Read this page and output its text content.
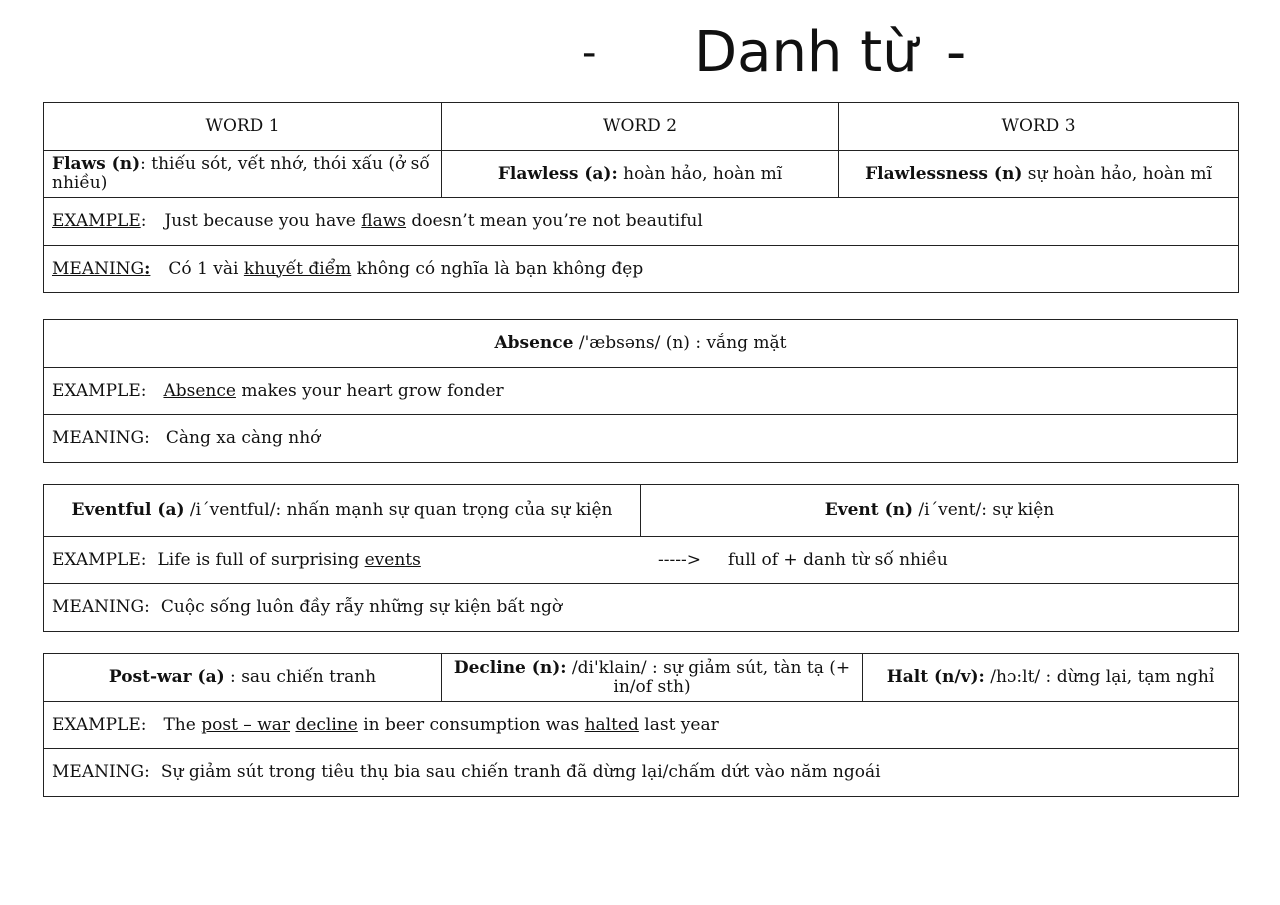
- Danh từ -
WORD 1	WORD 2	WORD 3
Flaws (n): thiếu sót, vết nhớ, thói xấu (ở số nhiều)	Flawless (a): hoàn hảo, hoàn mĩ	Flawlessness (n) sự hoàn hảo, hoàn mĩ
EXAMPLE: Just because you have flaws doesn’t mean you’re not beautiful		
MEANING: Có 1 vài khuyết điểm không có nghĩa là bạn không đẹp		
Absence /'æbsəns/ (n) : vắng mặt
EXAMPLE: Absence makes your heart grow fonder
MEANING: Càng xa càng nhớ
Eventful (a) /i´ventful/: nhấn mạnh sự quan trọng của sự kiện	Event (n) /i´vent/: sự kiện
EXAMPLE: Life is full of surprising events	-----> full of + danh từ số nhiều

MEANING: Cuộc sống luôn đầy rẫy những sự kiện bất ngờ
Post-war (a) : sau chiến tranh	Decline (n): /di'klain/ : sự giảm sút, tàn tạ (+ in/of sth)	Halt (n/v): /hɔ:lt/ : dừng lại, tạm nghỉ
EXAMPLE: The post – war decline in beer consumption was halted last year
MEANING: Sự giảm sút trong tiêu thụ bia sau chiến tranh đã dừng lại/chấm dứt vào năm ngoái
